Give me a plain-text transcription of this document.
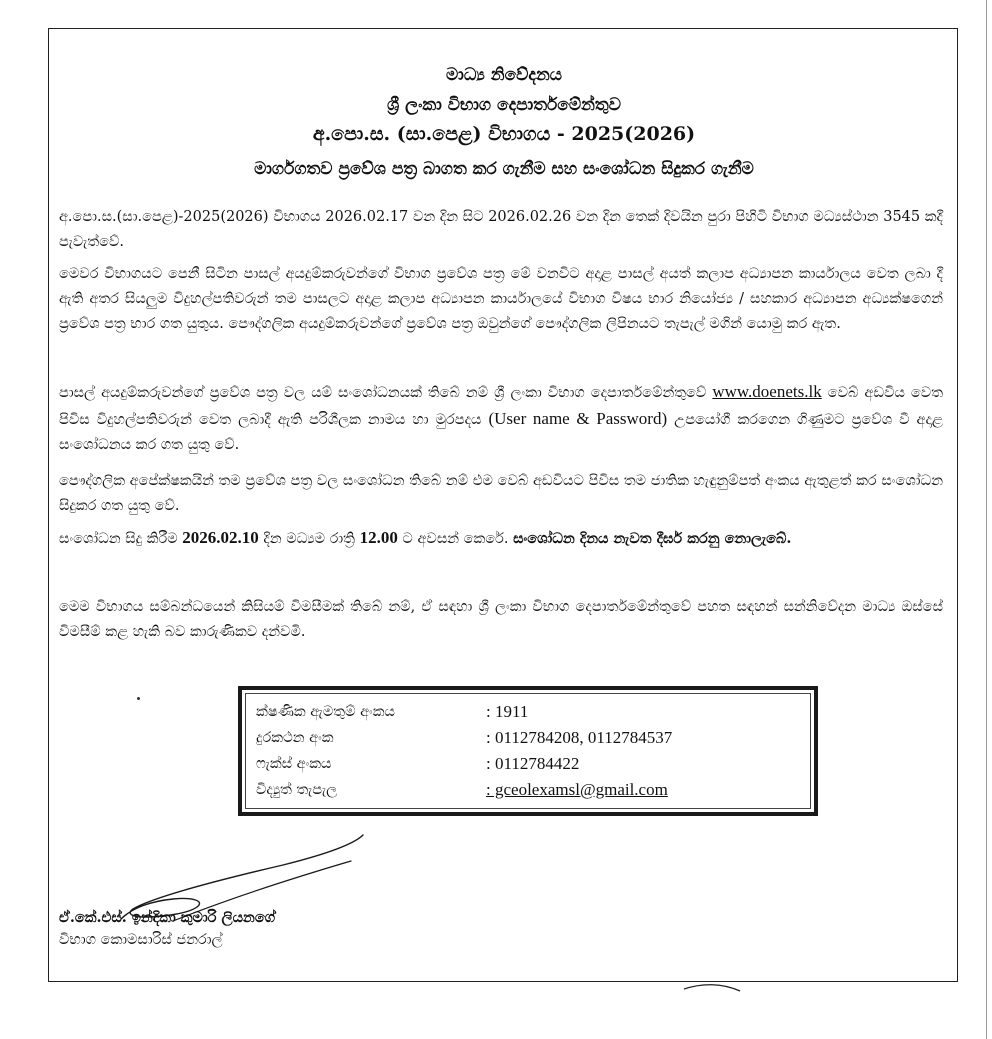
මාධ්‍ය නිවේදනය
ශ්‍රී ලංකා විභාග දෙපාර්තමේන්තුව
අ.පො.ස. (සා.පෙළ) විභාගය - 2025(2026)
මාර්ගගතව ප්‍රවේශ පත්‍ර බාගත කර ගැනීම සහ සංශෝධන සිදුකර ගැනීම
අ.පො.ස.(සා.පෙළ)-2025(2026) විභාගය 2026.02.17 වන දින සිට 2026.02.26 වන දින තෙක් දිවයින පුරා පිහිටි විභාග මධ්‍යස්ථාන 3545 කදී පැවැත්වේ.
මෙවර විභාගයට පෙනී සිටින පාසල් අයදුම්කරුවන්ගේ විභාග ප්‍රවේශ පත්‍ර මේ වනවිට අදාළ පාසල් අයත් කලාප අධ්‍යාපන කාර්යාලය වෙත ලබා දී ඇති අතර සියලුම විදුහල්පතිවරුන් තම පාසලට අදාළ කලාප අධ්‍යාපන කාර්යාලයේ විභාග විෂය භාර නියෝජ්‍ය / සහකාර අධ්‍යාපන අධ්‍යක්ෂගෙන් ප්‍රවේශ පත්‍ර භාර ගත යුතුය. පෞද්ගලික අයදුම්කරුවන්ගේ ප්‍රවේශ පත්‍ර ඔවුන්ගේ පෞද්ගලික ලිපිනයට තැපැල් මගින් යොමු කර ඇත.
පාසල් අයදුම්කරුවන්ගේ ප්‍රවේශ පත්‍ර වල යම් සංශෝධනයක් තිබේ නම් ශ්‍රී ලංකා විභාග දෙපාර්තමේන්තුවේ www.doenets.lk වෙබ් අඩවිය වෙත පිවිස විදුහල්පතිවරුන් වෙත ලබාදී ඇති පරිශීලක නාමය හා මුරපදය (User name & Password) උපයෝගී කරගෙන ගිණුමට ප්‍රවේශ වී අදාළ සංශෝධනය කර ගත යුතු වේ.
පෞද්ගලික අපේක්ෂකයින් තම ප්‍රවේශ පත්‍ර වල සංශෝධන තිබේ නම් එම වෙබ් අඩවියට පිවිස තම ජාතික හැඳුනුම්පත් අංකය ඇතුළත් කර සංශෝධන සිදුකර ගත යුතු වේ.
සංශෝධන සිදු කිරීම 2026.02.10 දින මධ්‍යම රාත්‍රි 12.00 ට අවසන් කෙරේ. සංශෝධන දිනය නැවත දීර්ඝ කරනු නොලැබේ.
මෙම විභාගය සම්බන්ධයෙන් කිසියම් විමසීමක් තිබේ නම්, ඒ සඳහා ශ්‍රී ලංකා විභාග දෙපාර්තමේන්තුවේ පහත සඳහන් සන්නිවේදන මාධ්‍ය ඔස්සේ විමසීම් කළ හැකි බව කාරුණිකව දන්වමි.
ක්ෂණික ඇමතුම් අංකය	: 1911
දුරකථන අංක	: 0112784208, 0112784537
ෆැක්ස් අංකය	: 0112784422
විද්‍යුත් තැපැල	: gceolexamsl@gmail.com
ඒ.කේ.එස්. ඉන්දිකා කුමාරි ලියනගේ
විභාග කොමසාරිස් ජනරාල්
